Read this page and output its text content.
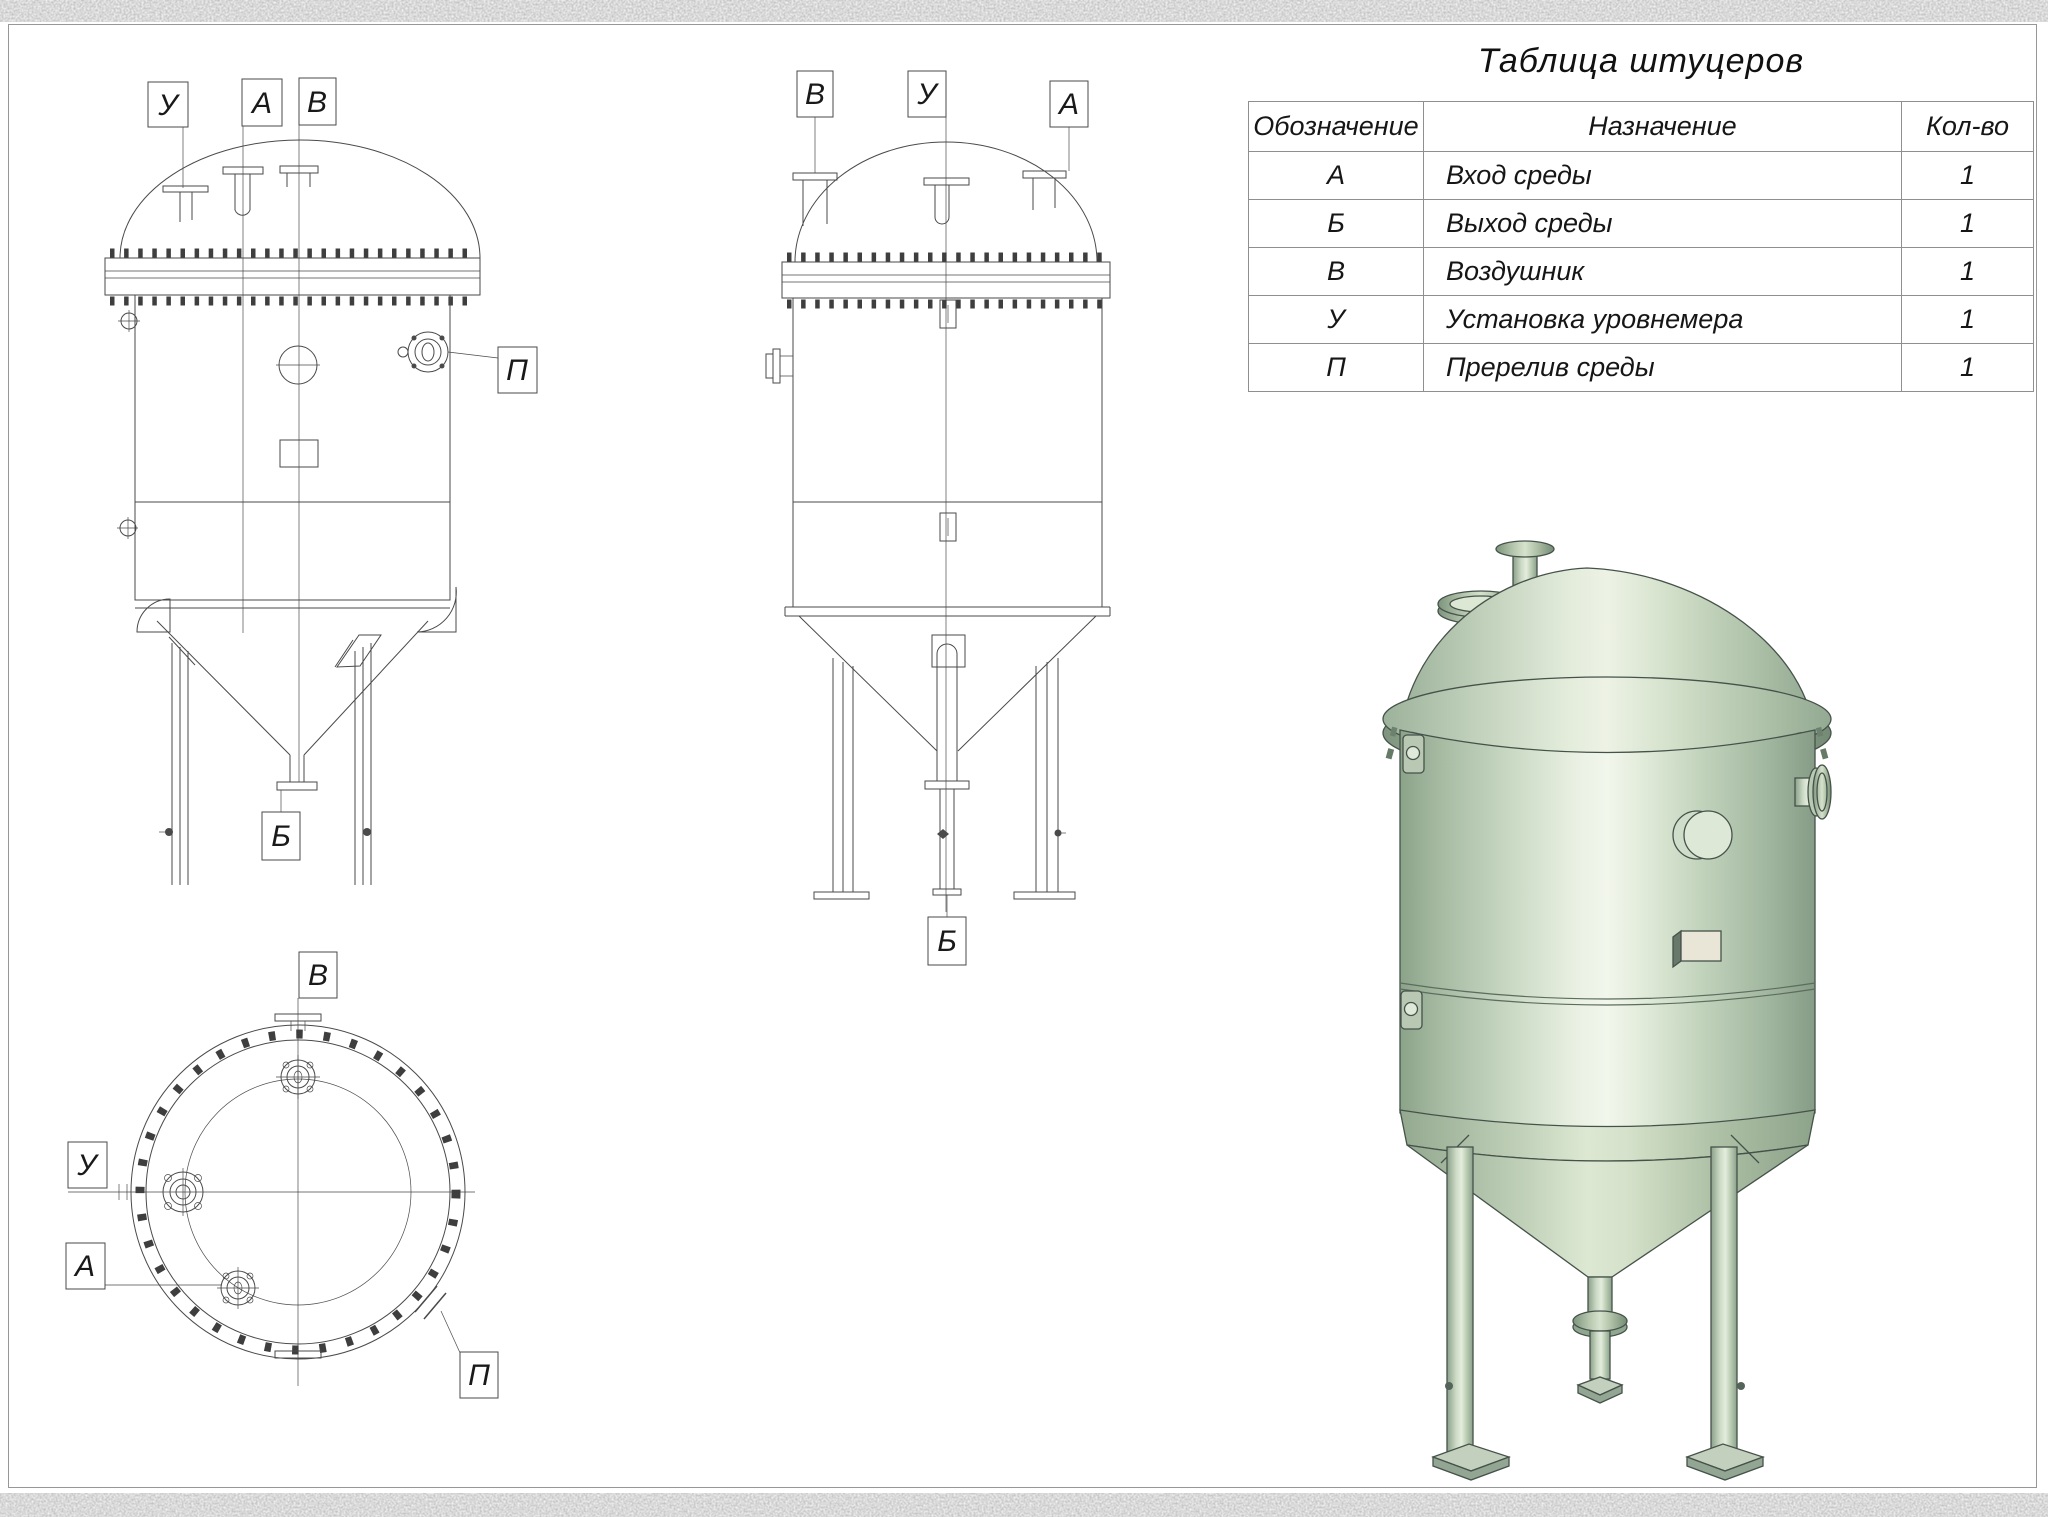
У А В
П
Б
В	У	А
Б
В
У
А
П
Таблица штуцеров
Обозначение	Назначение	Кол-во
А	Вход среды	1
Б	Выход среды	1
В	Воздушник	1
У	Установка уровнемера	1
П	Пререлив среды	1
